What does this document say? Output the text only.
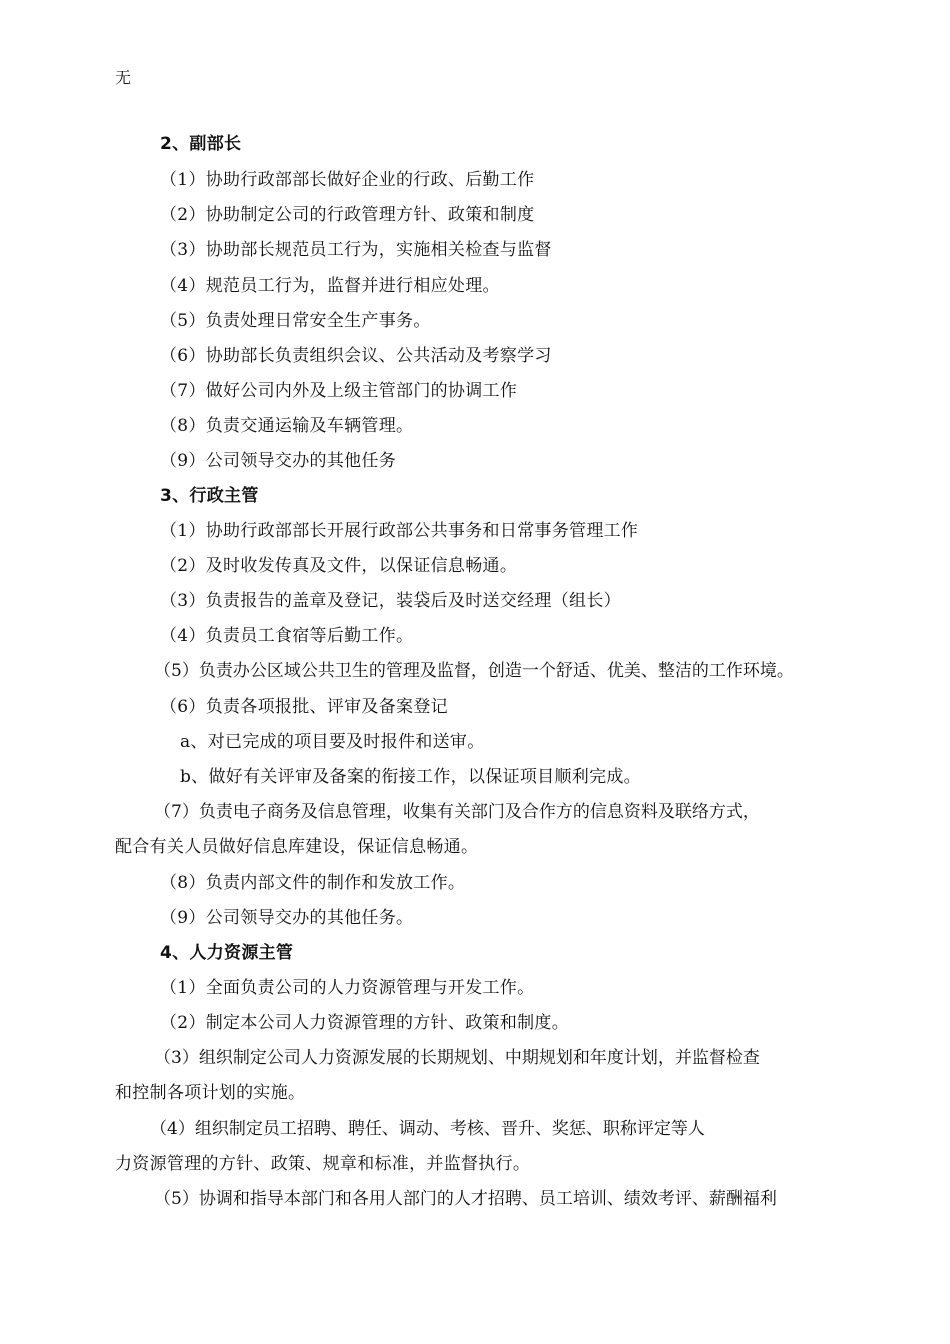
无
2、副部长
（1）协助行政部部长做好企业的行政、后勤工作
（2）协助制定公司的行政管理方针、政策和制度
（3）协助部长规范员工行为，实施相关检查与监督
（4）规范员工行为，监督并进行相应处理。
（5）负责处理日常安全生产事务。
（6）协助部长负责组织会议、公共活动及考察学习
（7）做好公司内外及上级主管部门的协调工作
（8）负责交通运输及车辆管理。
（9）公司领导交办的其他任务
3、行政主管
（1）协助行政部部长开展行政部公共事务和日常事务管理工作
（2）及时收发传真及文件，以保证信息畅通。
（3）负责报告的盖章及登记，装袋后及时送交经理（组长）
（4）负责员工食宿等后勤工作。
（5）负责办公区域公共卫生的管理及监督，创造一个舒适、优美、整洁的工作环境。
（6）负责各项报批、评审及备案登记
a、对已完成的项目要及时报件和送审。
b、做好有关评审及备案的衔接工作，以保证项目顺利完成。
（7）负责电子商务及信息管理，收集有关部门及合作方的信息资料及联络方式，
配合有关人员做好信息库建设，保证信息畅通。
（8）负责内部文件的制作和发放工作。
（9）公司领导交办的其他任务。
4、人力资源主管
（1）全面负责公司的人力资源管理与开发工作。
（2）制定本公司人力资源管理的方针、政策和制度。
（3）组织制定公司人力资源发展的长期规划、中期规划和年度计划，并监督检查
和控制各项计划的实施。
（4）组织制定员工招聘、聘任、调动、考核、晋升、奖惩、职称评定等人
力资源管理的方针、政策、规章和标准，并监督执行。
（5）协调和指导本部门和各用人部门的人才招聘、员工培训、绩效考评、薪酬福利
